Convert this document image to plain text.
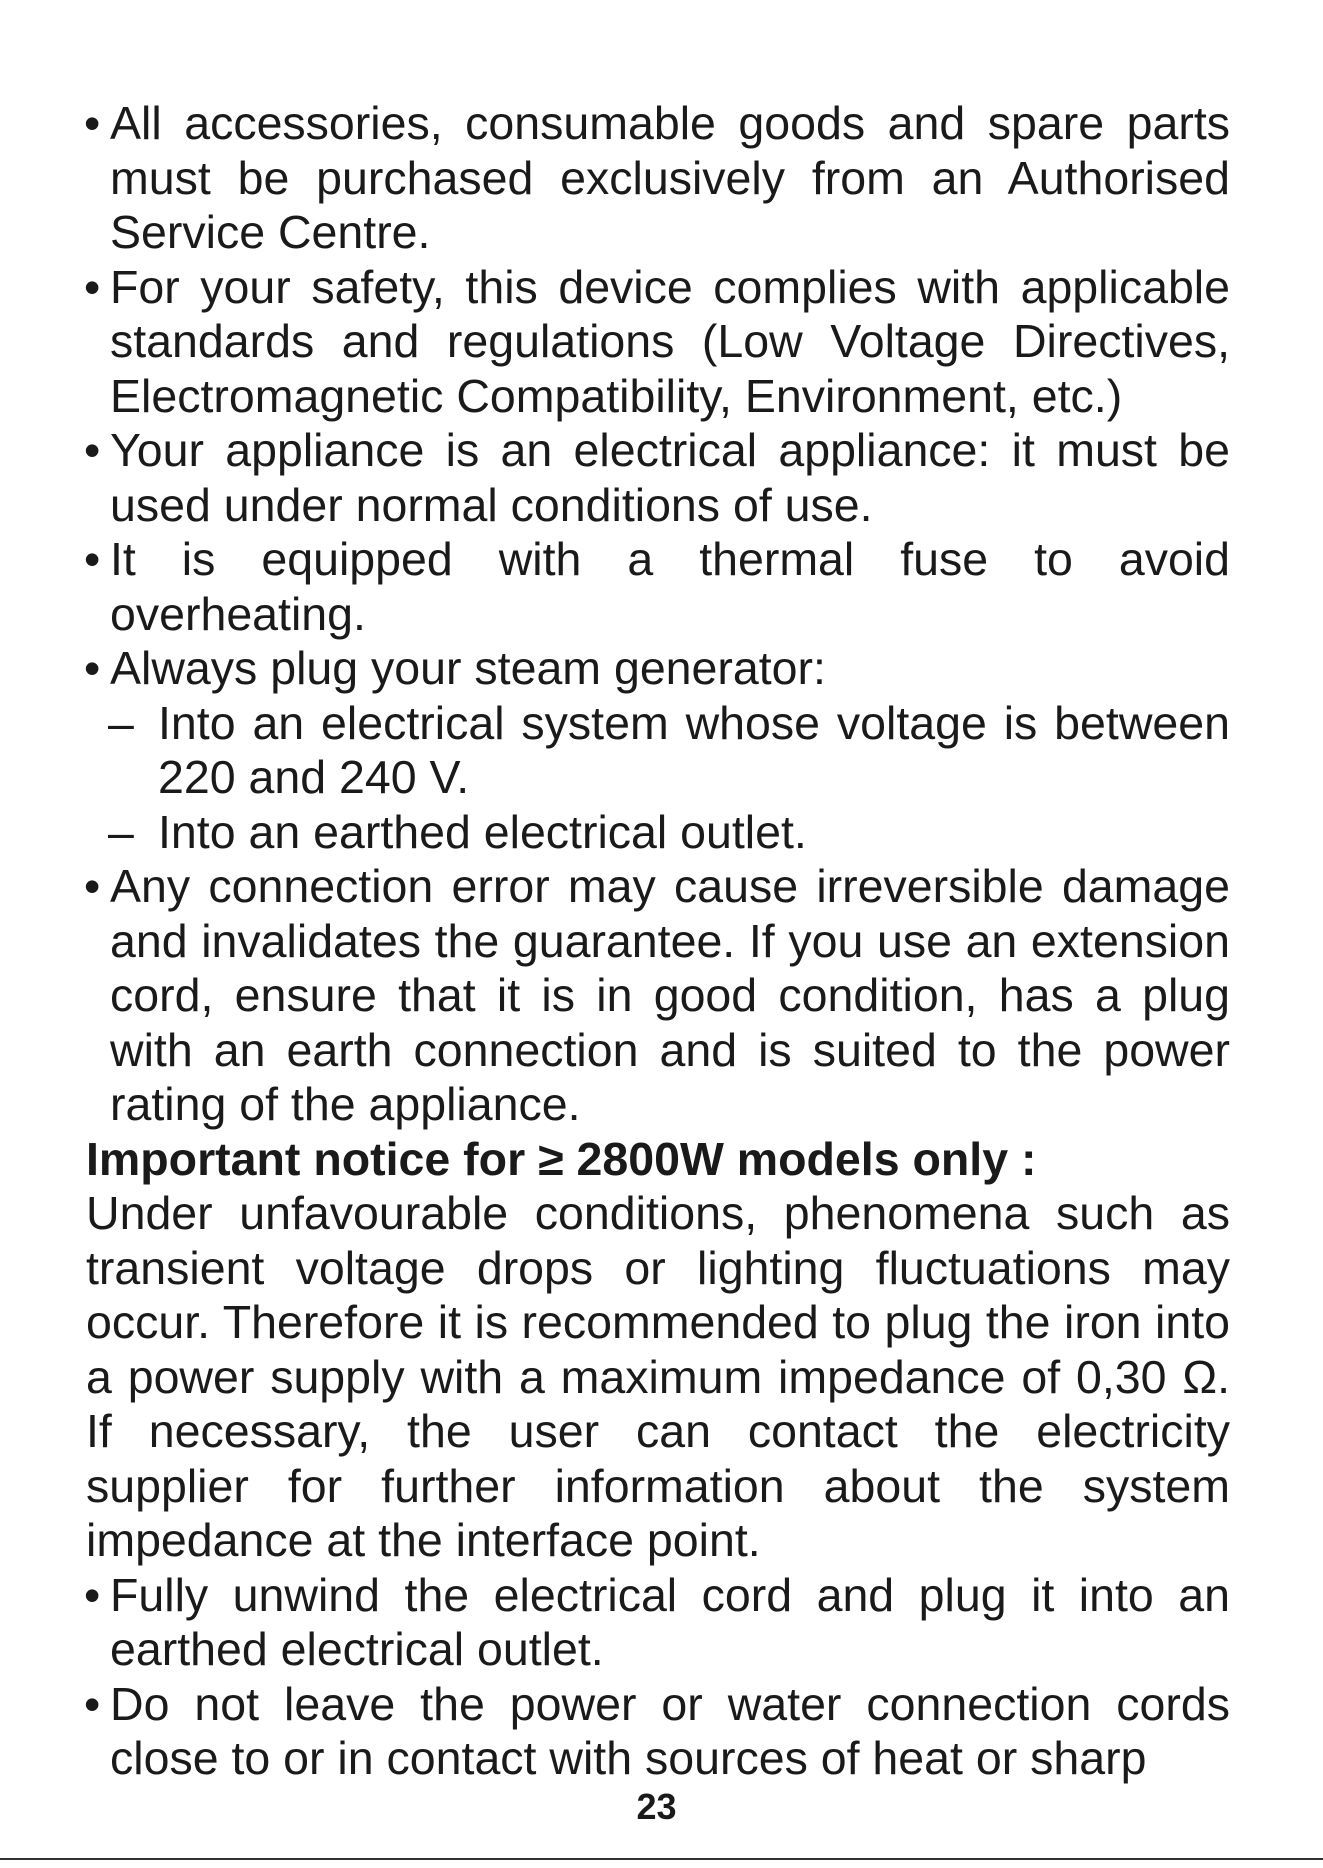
• All accessories, consumable goods and spare parts must be purchased exclusively from an Authorised Service Centre.

• For your safety, this device complies with applicable standards and regulations (Low Voltage Directives, Electromagnetic Compatibility, Environment, etc.)

• Your appliance is an electrical appliance: it must be used under normal conditions of use.

• It is equipped with a thermal fuse to avoid overheating.

• Always plug your steam generator:

– Into an electrical system whose voltage is between 220 and 240 V.

– Into an earthed electrical outlet.

• Any connection error may cause irreversible damage and invalidates the guarantee. If you use an extension cord, ensure that it is in good condition, has a plug with an earth connection and is suited to the power rating of the appliance.

Important notice for ≥ 2800W models only :

Under unfavourable conditions, phenomena such as transient voltage drops or lighting fluctuations may occur. Therefore it is recommended to plug the iron into a power supply with a maximum impedance of 0,30 Ω. If necessary, the user can contact the electricity supplier for further information about the system impedance at the interface point.

• Fully unwind the electrical cord and plug it into an earthed electrical outlet.

• Do not leave the power or water connection cords close to or in contact with sources of heat or sharp

23
